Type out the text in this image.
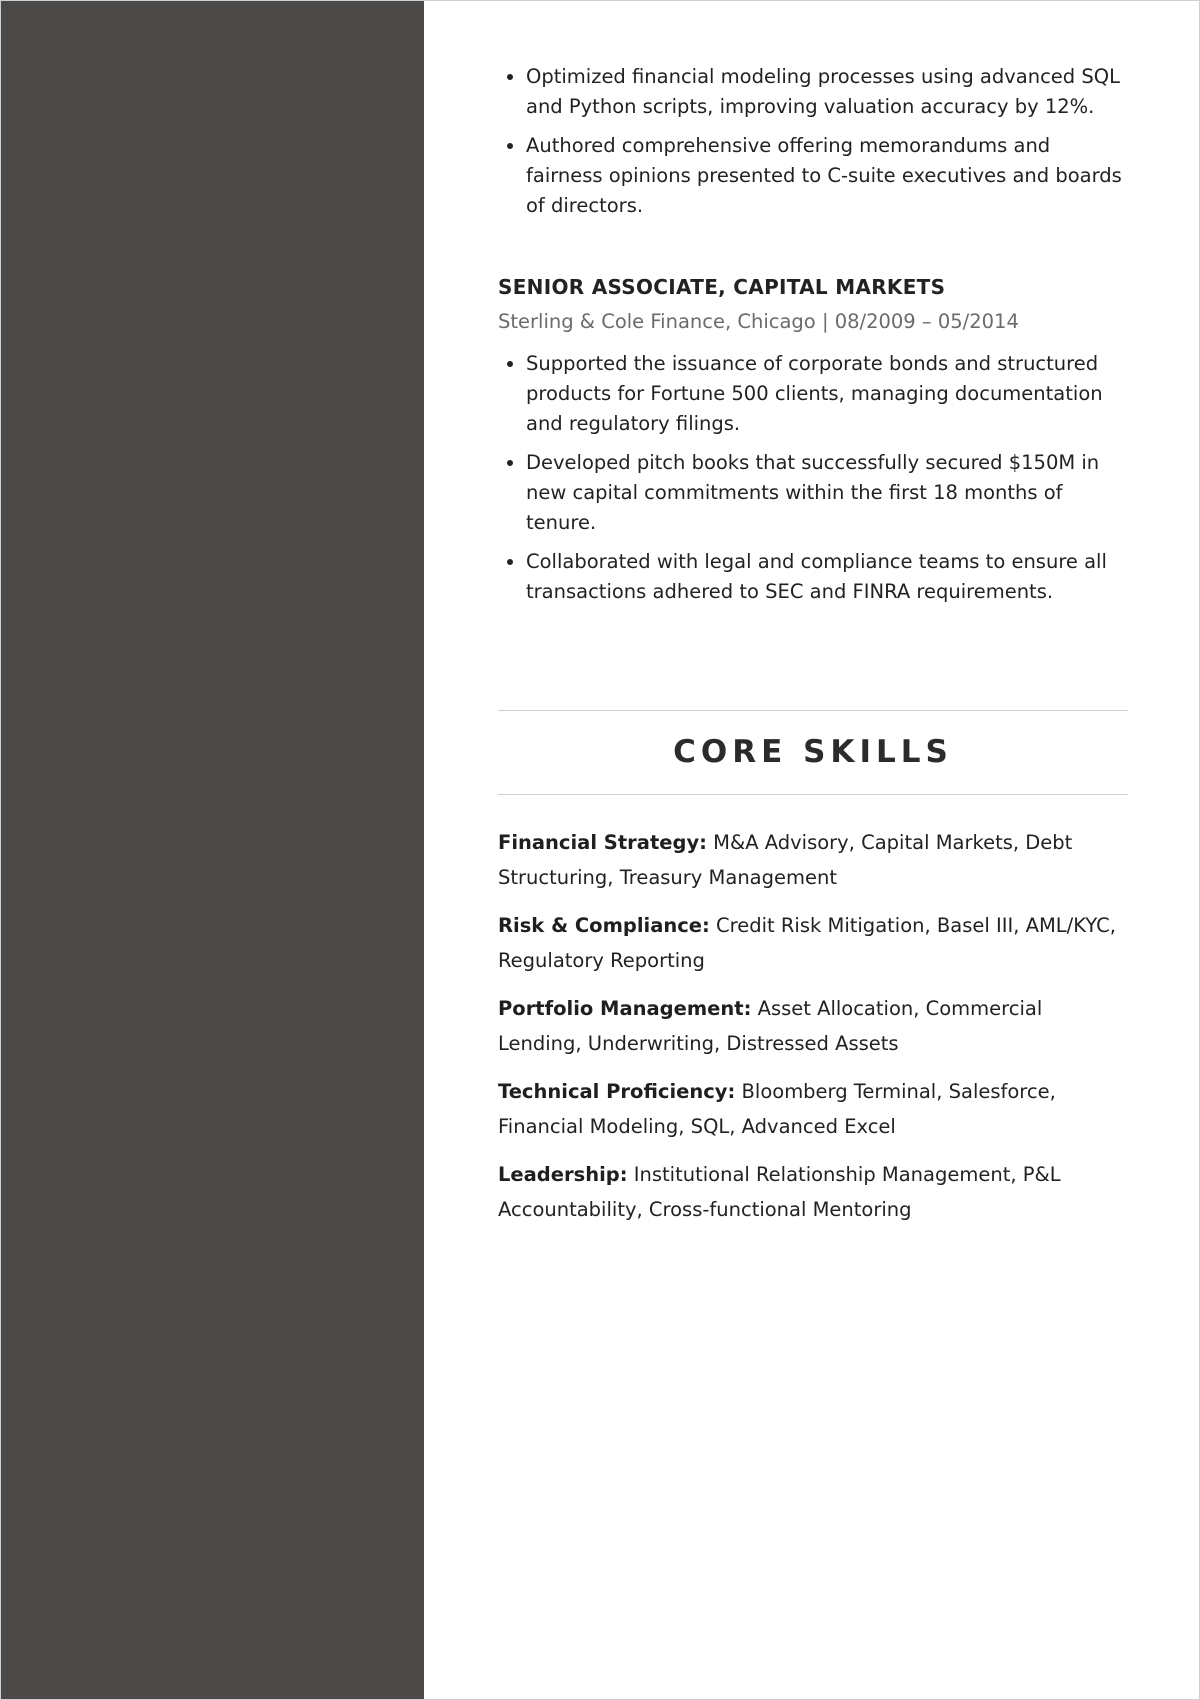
• Optimized financial modeling processes using advanced SQL and Python scripts, improving valuation accuracy by 12%.
• Authored comprehensive offering memorandums and fairness opinions presented to C-suite executives and boards of directors.
SENIOR ASSOCIATE, CAPITAL MARKETS
Sterling & Cole Finance, Chicago | 08/2009 – 05/2014
• Supported the issuance of corporate bonds and structured products for Fortune 500 clients, managing documentation and regulatory filings.
• Developed pitch books that successfully secured $150M in new capital commitments within the first 18 months of tenure.
• Collaborated with legal and compliance teams to ensure all transactions adhered to SEC and FINRA requirements.
CORE SKILLS
Financial Strategy: M&A Advisory, Capital Markets, Debt Structuring, Treasury Management
Risk & Compliance: Credit Risk Mitigation, Basel III, AML/KYC, Regulatory Reporting
Portfolio Management: Asset Allocation, Commercial Lending, Underwriting, Distressed Assets
Technical Proficiency: Bloomberg Terminal, Salesforce, Financial Modeling, SQL, Advanced Excel
Leadership: Institutional Relationship Management, P&L Accountability, Cross-functional Mentoring
